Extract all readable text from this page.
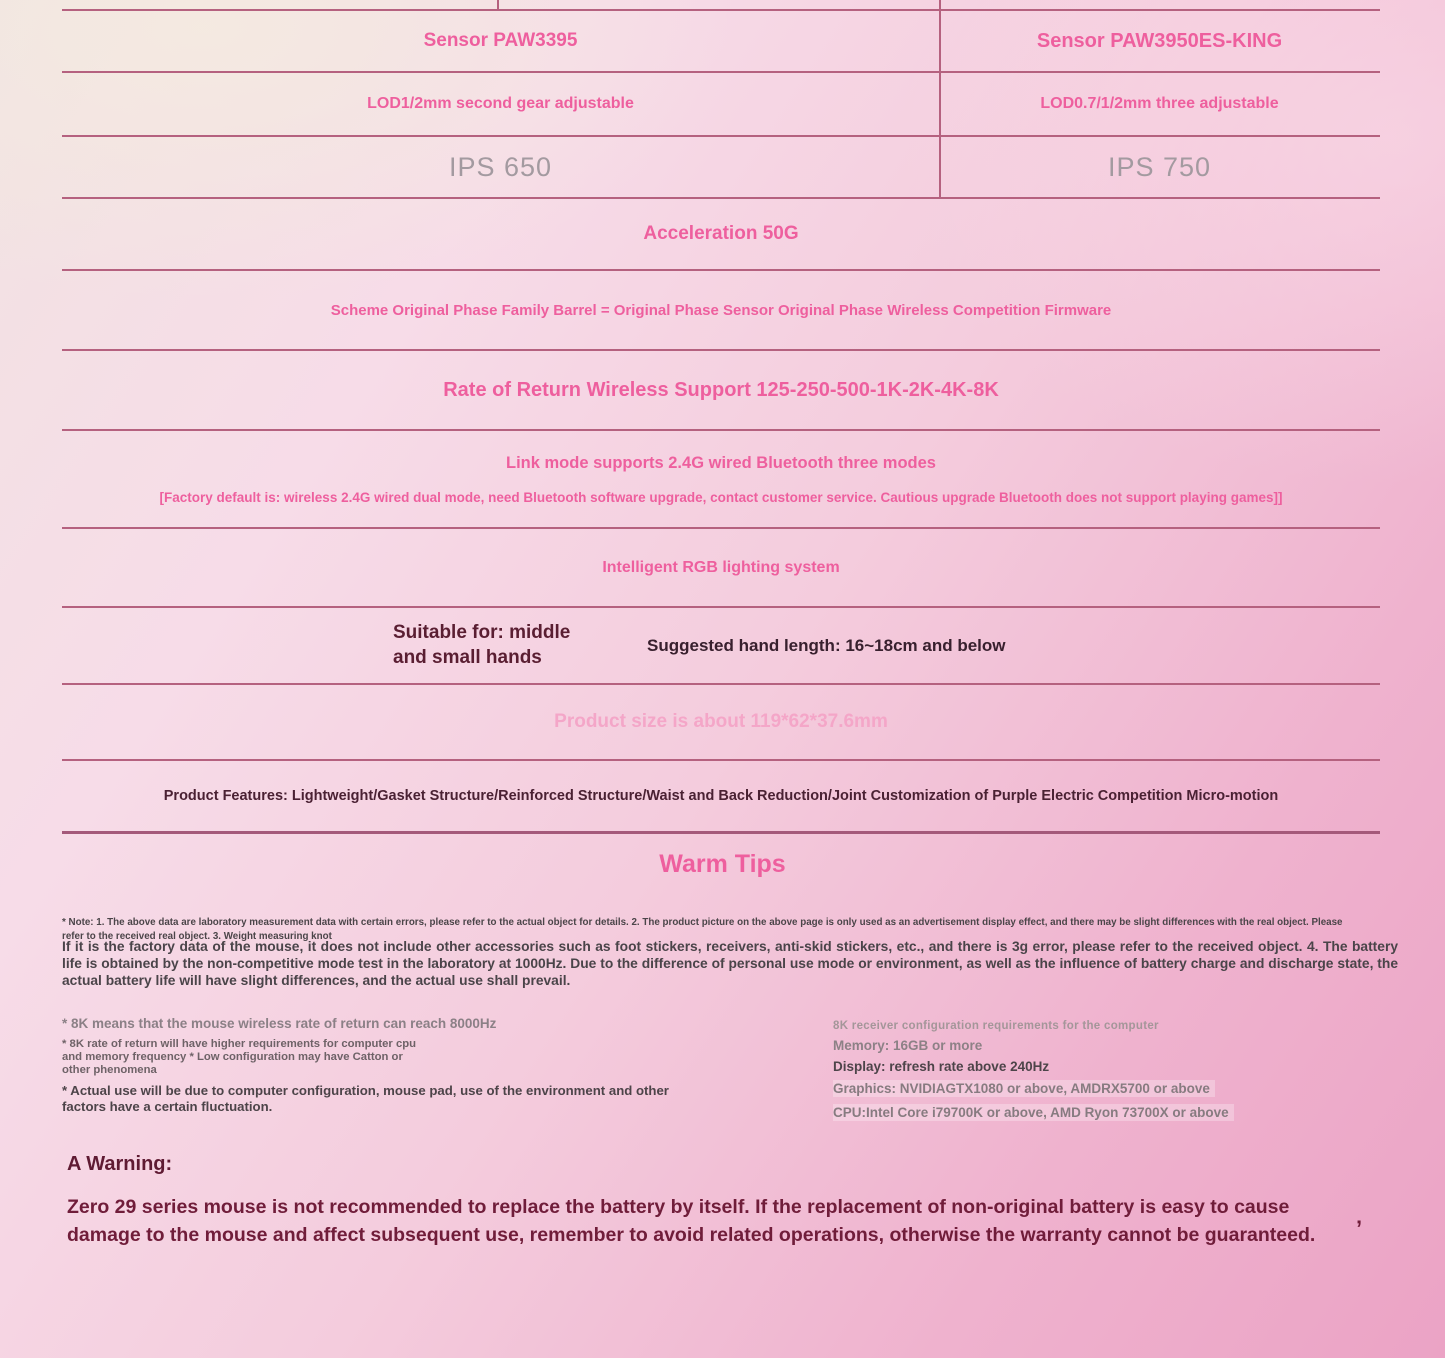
Sensor PAW3395	Sensor PAW3950ES-KING
LOD1/2mm second gear adjustable	LOD0.7/1/2mm three adjustable
IPS 650	IPS 750
Acceleration 50G
Scheme Original Phase Family Barrel = Original Phase Sensor Original Phase Wireless Competition Firmware
Rate of Return Wireless Support 125-250-500-1K-2K-4K-8K
Link mode supports 2.4G wired Bluetooth three modes
[Factory default is: wireless 2.4G wired dual mode, need Bluetooth software upgrade, contact customer service. Cautious upgrade Bluetooth does not support playing games]]
Intelligent RGB lighting system
Suitable for: middle and small hands
Suggested hand length: 16~18cm and below
Product size is about 119*62*37.6mm
Product Features: Lightweight/Gasket Structure/Reinforced Structure/Waist and Back Reduction/Joint Customization of Purple Electric Competition Micro-motion
Warm Tips
* Note: 1. The above data are laboratory measurement data with certain errors, please refer to the actual object for details. 2. The product picture on the above page is only used as an advertisement display effect, and there may be slight differences with the real object. Please refer to the received real object. 3. Weight measuring knot
If it is the factory data of the mouse, it does not include other accessories such as foot stickers, receivers, anti-skid stickers, etc., and there is 3g error, please refer to the received object. 4. The battery life is obtained by the non-competitive mode test in the laboratory at 1000Hz. Due to the difference of personal use mode or environment, as well as the influence of battery charge and discharge state, the actual battery life will have slight differences, and the actual use shall prevail.

* 8K means that the mouse wireless rate of return can reach 8000Hz

* 8K rate of return will have higher requirements for computer cpu and memory frequency * Low configuration may have Catton or other phenomena

* Actual use will be due to computer configuration, mouse pad, use of the environment and other factors have a certain fluctuation.

8K receiver configuration requirements for the computer
Memory: 16GB or more
Display: refresh rate above 240Hz
Graphics: NVIDIAGTX1080 or above, AMDRX5700 or above
CPU:Intel Core i79700K or above, AMD Ryon 73700X or above
A Warning:
Zero 29 series mouse is not recommended to replace the battery by itself. If the replacement of non-original battery is easy to cause damage to the mouse and affect subsequent use, remember to avoid related operations, otherwise the warranty cannot be guaranteed.	’
